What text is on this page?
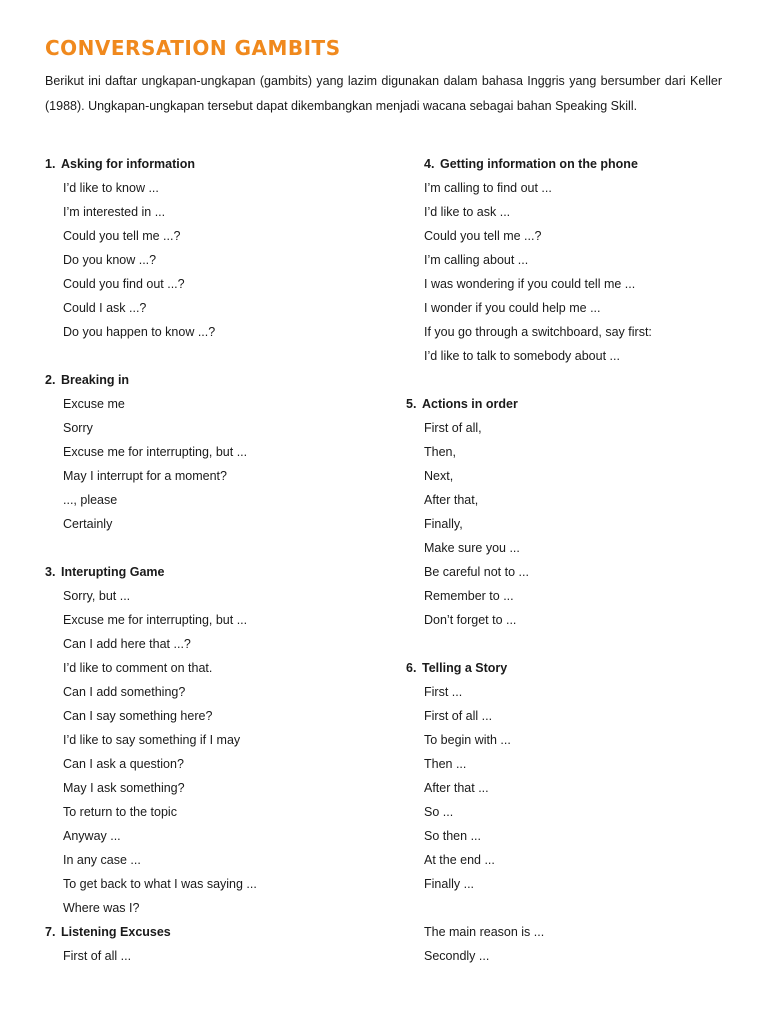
CONVERSATION GAMBITS

Berikut ini daftar ungkapan-ungkapan (gambits) yang lazim digunakan dalam bahasa Inggris yang bersumber dari Keller (1988). Ungkapan-ungkapan tersebut dapat dikembangkan menjadi wacana sebagai bahan Speaking Skill.

1. Asking for information
I’d like to know ...
I’m interested in ...
Could you tell me ...?
Do you know ...?
Could you find out ...?
Could I ask ...?
Do you happen to know ...?
2. Breaking in
Excuse me
Sorry
Excuse me for interrupting, but ...
May I interrupt for a moment?
..., please
Certainly
3. Interupting Game
Sorry, but ...
Excuse me for interrupting, but ...
Can I add here that ...?
I’d like to comment on that.
Can I add something?
Can I say something here?
I’d like to say something if I may
Can I ask a question?
May I ask something?
To return to the topic
Anyway ...
In any case ...
To get back to what I was saying ...
Where was I?
7. Listening Excuses
First of all ...
4. Getting information on the phone
I’m calling to find out ...
I’d like to ask ...
Could you tell me ...?
I’m calling about ...
I was wondering if you could tell me ...
I wonder if you could help me ...
If you go through a switchboard, say first:
I’d like to talk to somebody about ...
5. Actions in order
First of all,
Then,
Next,
After that,
Finally,
Make sure you ...
Be careful not to ...
Remember to ...
Don’t forget to ...
6. Telling a Story
First ...
First of all ...
To begin with ...
Then ...
After that ...
So ...
So then ...
At the end ...
Finally ...
The main reason is ...
Secondly ...
